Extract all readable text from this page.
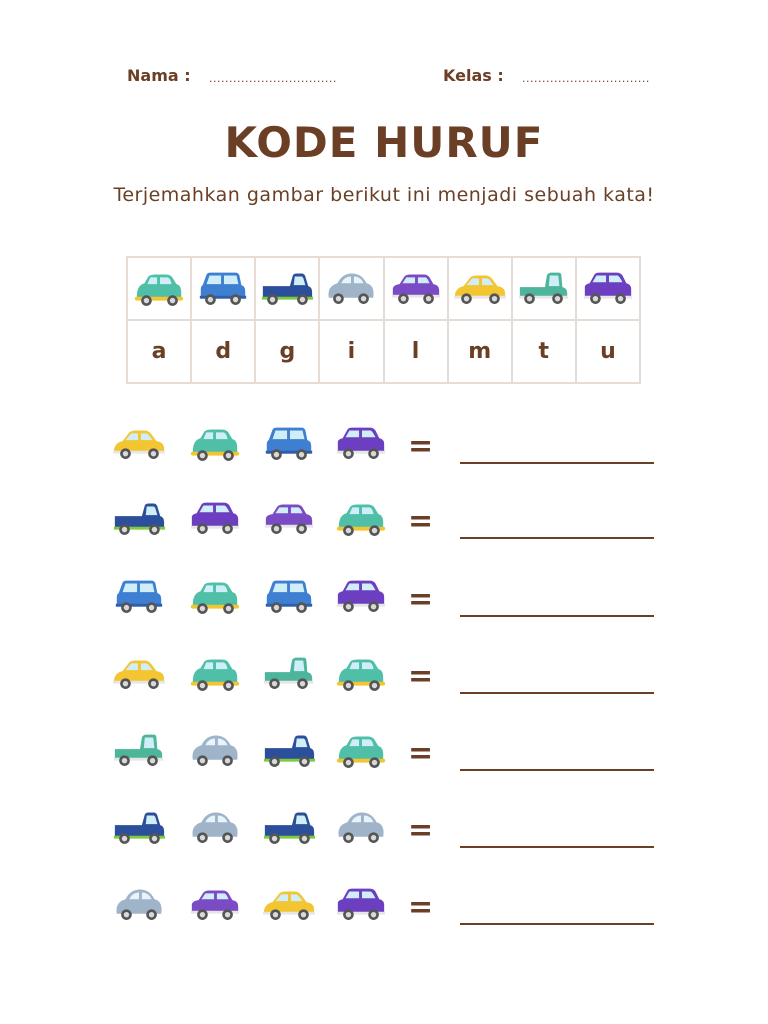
Nama : ................................	Kelas : ................................
KODE HURUF
Terjemahkan gambar berikut ini menjadi sebuah kata!

a	d	g	i	l	m	t	u
=
=
=
=
=
=
=
